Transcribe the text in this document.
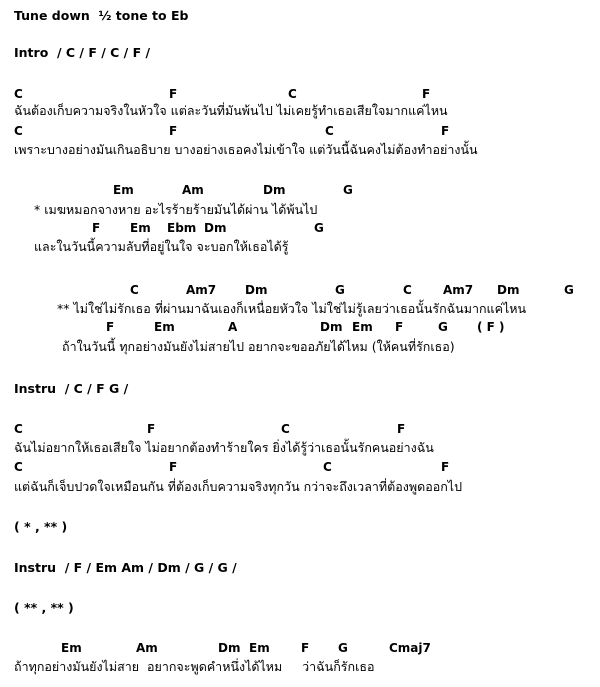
Tune down  ½ tone to Eb
Intro  / C / F / C / F /
C	F	C	F
ฉันต้องเก็บความจริงในหัวใจ แต่ละวันที่มันพ้นไป ไม่เคยรู้ทำเธอเสียใจมากแค่ไหน
C	F	C	F
เพราะบางอย่างมันเกินอธิบาย บางอย่างเธอคงไม่เข้าใจ แต่วันนี้ฉันคงไม่ต้องทำอย่างนั้น
Em	Am	Dm	G
* เมฆหมอกจางหาย อะไรร้ายร้ายมันได้ผ่าน ได้พ้นไป
F Em Ebm Dm	G
และในวันนี้ความลับที่อยู่ในใจ จะบอกให้เธอได้รู้
C	Am7 Dm	G	C	Am7 Dm	G
** ไม่ใช่ไม่รักเธอ ที่ผ่านมาฉันเองก็เหนื่อยหัวใจ ไม่ใช่ไม่รู้เลยว่าเธอนั้นรักฉันมากแค่ไหน
F	Em	A	Dm Em F	G ( F )
ถ้าในวันนี้ ทุกอย่างมันยังไม่สายไป อยากจะขออภัยได้ไหม (ให้คนที่รักเธอ)
Instru  / C / F G /
C	F	C	F
ฉันไม่อยากให้เธอเสียใจ ไม่อยากต้องทำร้ายใคร ยิ่งได้รู้ว่าเธอนั้นรักคนอย่างฉัน
C	F	C	F
แต่ฉันก็เจ็บปวดใจเหมือนกัน ที่ต้องเก็บความจริงทุกวัน กว่าจะถึงเวลาที่ต้องพูดออกไป
( * , ** )
Instru  / F / Em Am / Dm / G / G /
( ** , ** )
Em	Am	Dm Em	F G	Cmaj7
ถ้าทุกอย่างมันยังไม่สาย  อยากจะพูดคำหนึ่งได้ไหม     ว่าฉันก็รักเธอ
